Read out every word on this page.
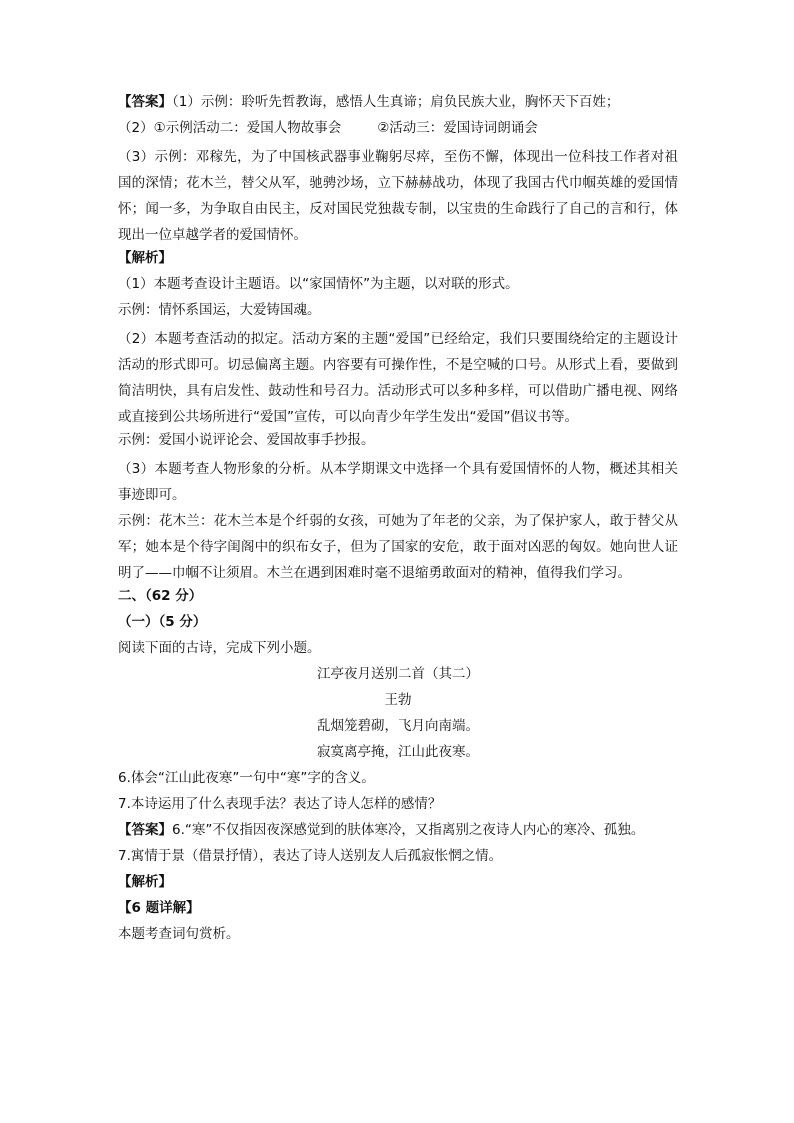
【答案】（1）示例：聆听先哲教诲，感悟人生真谛；肩负民族大业，胸怀天下百姓；
（2）①示例活动二：爱国人物故事会	②活动三：爱国诗词朗诵会
（3）示例：邓稼先，为了中国核武器事业鞠躬尽瘁，至伤不懈，体现出一位科技工作者对祖国的深情；花木兰，替父从军，驰骋沙场，立下赫赫战功，体现了我国古代巾帼英雄的爱国情怀；闻一多，为争取自由民主，反对国民党独裁专制，以宝贵的生命践行了自己的言和行，体现出一位卓越学者的爱国情怀。
【解析】
（1）本题考查设计主题语。以“家国情怀”为主题，以对联的形式。
示例：情怀系国运，大爱铸国魂。
（2）本题考查活动的拟定。活动方案的主题“爱国”已经给定，我们只要围绕给定的主题设计活动的形式即可。切忌偏离主题。内容要有可操作性，不是空喊的口号。从形式上看，要做到简洁明快，具有启发性、鼓动性和号召力。活动形式可以多种多样，可以借助广播电视、网络或直接到公共场所进行“爱国”宣传，可以向青少年学生发出“爱国”倡议书等。
示例：爱国小说评论会、爱国故事手抄报。
（3）本题考查人物形象的分析。从本学期课文中选择一个具有爱国情怀的人物，概述其相关事迹即可。
示例：花木兰：花木兰本是个纤弱的女孩，可她为了年老的父亲，为了保护家人，敢于替父从军；她本是个待字闺阁中的织布女子，但为了国家的安危，敢于面对凶恶的匈奴。她向世人证明了——巾帼不让须眉。木兰在遇到困难时毫不退缩勇敢面对的精神，值得我们学习。
二、（62 分）
（一）（5 分）
阅读下面的古诗，完成下列小题。
江亭夜月送别二首（其二）
王勃
乱烟笼碧砌，飞月向南端。
寂寞离亭掩，江山此夜寒。
6.体会“江山此夜寒”一句中“寒”字的含义。
7.本诗运用了什么表现手法？表达了诗人怎样的感情？
【答案】6.“寒”不仅指因夜深感觉到的肤体寒冷，又指离别之夜诗人内心的寒冷、孤独。
7.寓情于景（借景抒情），表达了诗人送别友人后孤寂怅惘之情。
【解析】
【6 题详解】
本题考查词句赏析。
